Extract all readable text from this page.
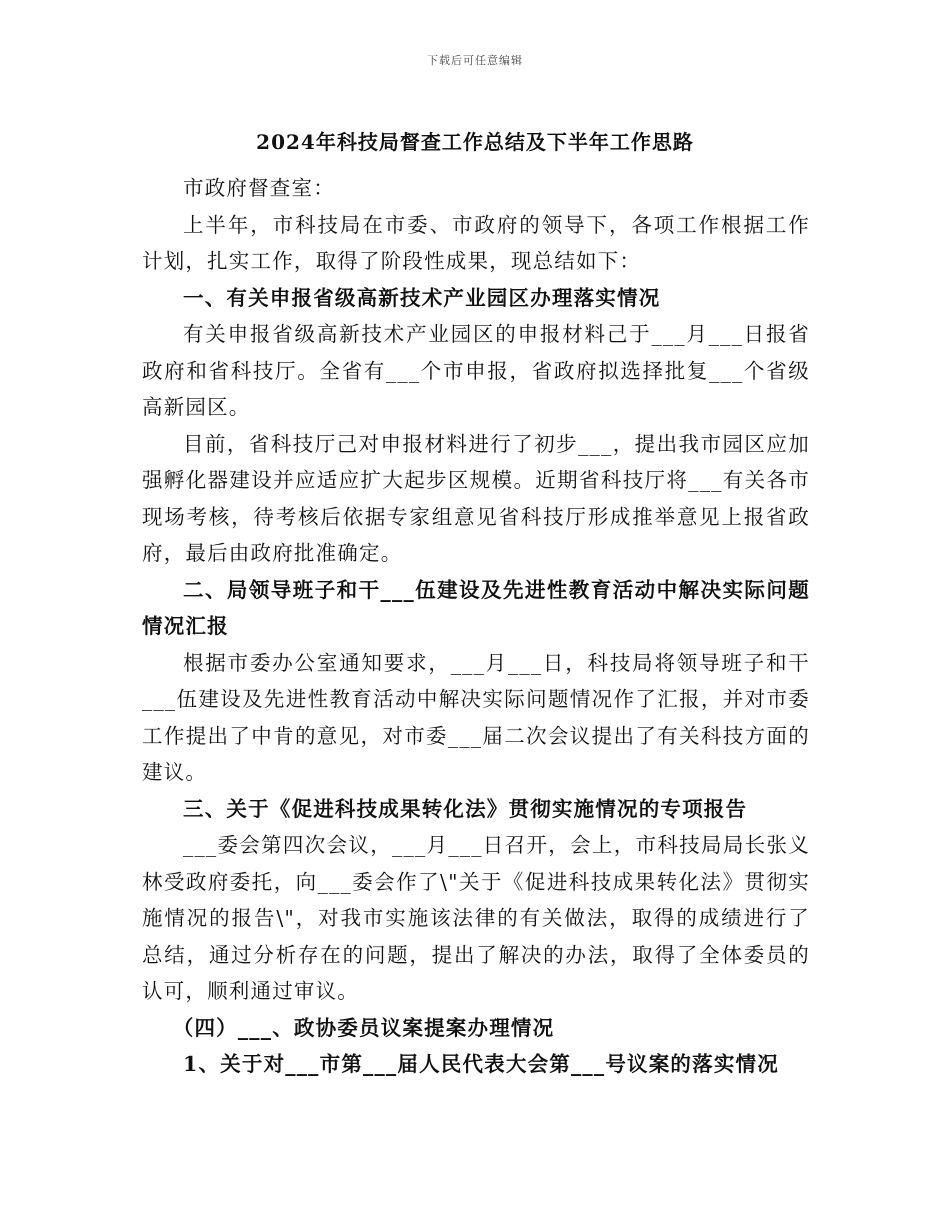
下载后可任意编辑
2024年科技局督查工作总结及下半年工作思路

市政府督查室：

上半年，市科技局在市委、市政府的领导下，各项工作根据工作计划，扎实工作，取得了阶段性成果，现总结如下：

一、有关申报省级高新技术产业园区办理落实情况

有关申报省级高新技术产业园区的申报材料己于___月___日报省政府和省科技厅。全省有___个市申报，省政府拟选择批复___个省级高新园区。

目前，省科技厅己对申报材料进行了初步___，提出我市园区应加强孵化器建设并应适应扩大起步区规模。近期省科技厅将___有关各市现场考核，待考核后依据专家组意见省科技厅形成推举意见上报省政府，最后由政府批准确定。

二、局领导班子和干___伍建设及先进性教育活动中解决实际问题情况汇报

根据市委办公室通知要求，___月___日，科技局将领导班子和干___伍建设及先进性教育活动中解决实际问题情况作了汇报，并对市委工作提出了中肯的意见，对市委___届二次会议提出了有关科技方面的建议。

三、关于《促进科技成果转化法》贯彻实施情况的专项报告

___委会第四次会议，___月___日召开，会上，市科技局局长张义林受政府委托，向___委会作了\"关于《促进科技成果转化法》贯彻实施情况的报告\"，对我市实施该法律的有关做法，取得的成绩进行了总结，通过分析存在的问题，提出了解决的办法，取得了全体委员的认可，顺利通过审议。

（四）___、政协委员议案提案办理情况

1、关于对___市第___届人民代表大会第___号议案的落实情况
